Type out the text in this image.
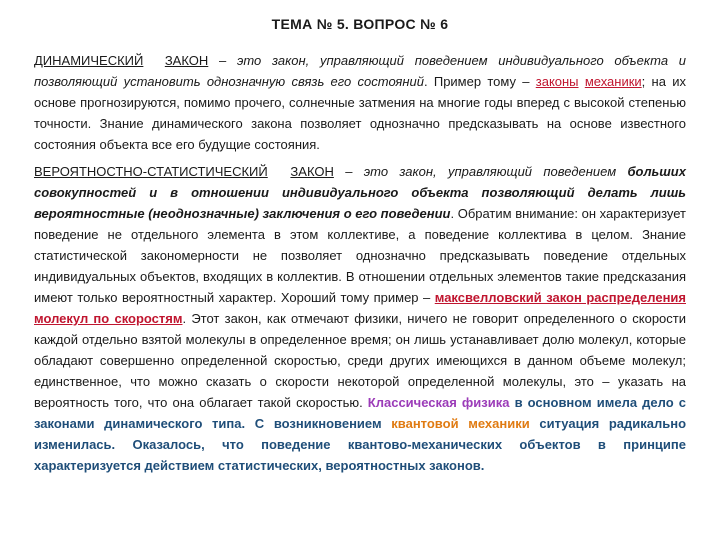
ТЕМА № 5. ВОПРОС № 6

ДИНАМИЧЕСКИЙ ЗАКОН – это закон, управляющий поведением индивидуального объекта и позволяющий установить однозначную связь его состояний. Пример тому – законы механики; на их основе прогнозируются, помимо прочего, солнечные затмения на многие годы вперед с высокой степенью точности. Знание динамического закона позволяет однозначно предсказывать на основе известного состояния объекта все его будущие состояния.

ВЕРОЯТНОСТНО-СТАТИСТИЧЕСКИЙ ЗАКОН – это закон, управляющий поведением больших совокупностей и в отношении индивидуального объекта позволяющий делать лишь вероятностные (неоднозначные) заключения о его поведении. Обратим внимание: он характеризует поведение не отдельного элемента в этом коллективе, а поведение коллектива в целом. Знание статистической закономерности не позволяет однозначно предсказывать поведение отдельных индивидуальных объектов, входящих в коллектив. В отношении отдельных элементов такие предсказания имеют только вероятностный характер. Хороший тому пример – максвелловский закон распределения молекул по скоростям. Этот закон, как отмечают физики, ничего не говорит определенного о скорости каждой отдельно взятой молекулы в определенное время; он лишь устанавливает долю молекул, которые обладают совершенно определенной скоростью, среди других имеющихся в данном объеме молекул; единственное, что можно сказать о скорости некоторой определенной молекулы, это – указать на вероятность того, что она облагает такой скоростью. Классическая физика в основном имела дело с законами динамического типа. С возникновением квантовой механики ситуация радикально изменилась. Оказалось, что поведение квантово-механических объектов в принципе характеризуется действием статистических, вероятностных законов.
